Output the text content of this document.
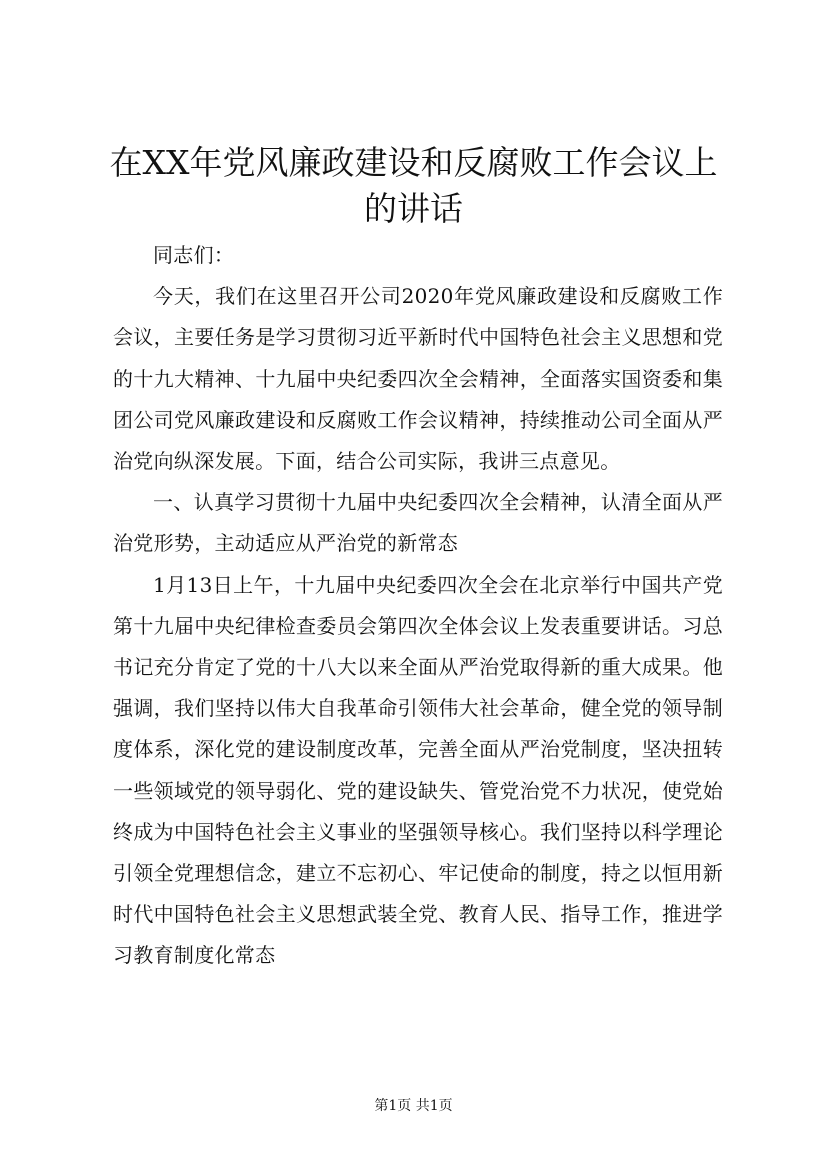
在XX年党风廉政建设和反腐败工作会议上的讲话

同志们：

今天，我们在这里召开公司2020年党风廉政建设和反腐败工作会议，主要任务是学习贯彻习近平新时代中国特色社会主义思想和党的十九大精神、十九届中央纪委四次全会精神，全面落实国资委和集团公司党风廉政建设和反腐败工作会议精神，持续推动公司全面从严治党向纵深发展。下面，结合公司实际，我讲三点意见。

一、认真学习贯彻十九届中央纪委四次全会精神，认清全面从严治党形势，主动适应从严治党的新常态

1月13日上午，十九届中央纪委四次全会在北京举行中国共产党第十九届中央纪律检查委员会第四次全体会议上发表重要讲话。习总书记充分肯定了党的十八大以来全面从严治党取得新的重大成果。他强调，我们坚持以伟大自我革命引领伟大社会革命，健全党的领导制度体系，深化党的建设制度改革，完善全面从严治党制度，坚决扭转一些领域党的领导弱化、党的建设缺失、管党治党不力状况，使党始终成为中国特色社会主义事业的坚强领导核心。我们坚持以科学理论引领全党理想信念，建立不忘初心、牢记使命的制度，持之以恒用新时代中国特色社会主义思想武装全党、教育人民、指导工作，推进学习教育制度化常态

第1页 共1页
